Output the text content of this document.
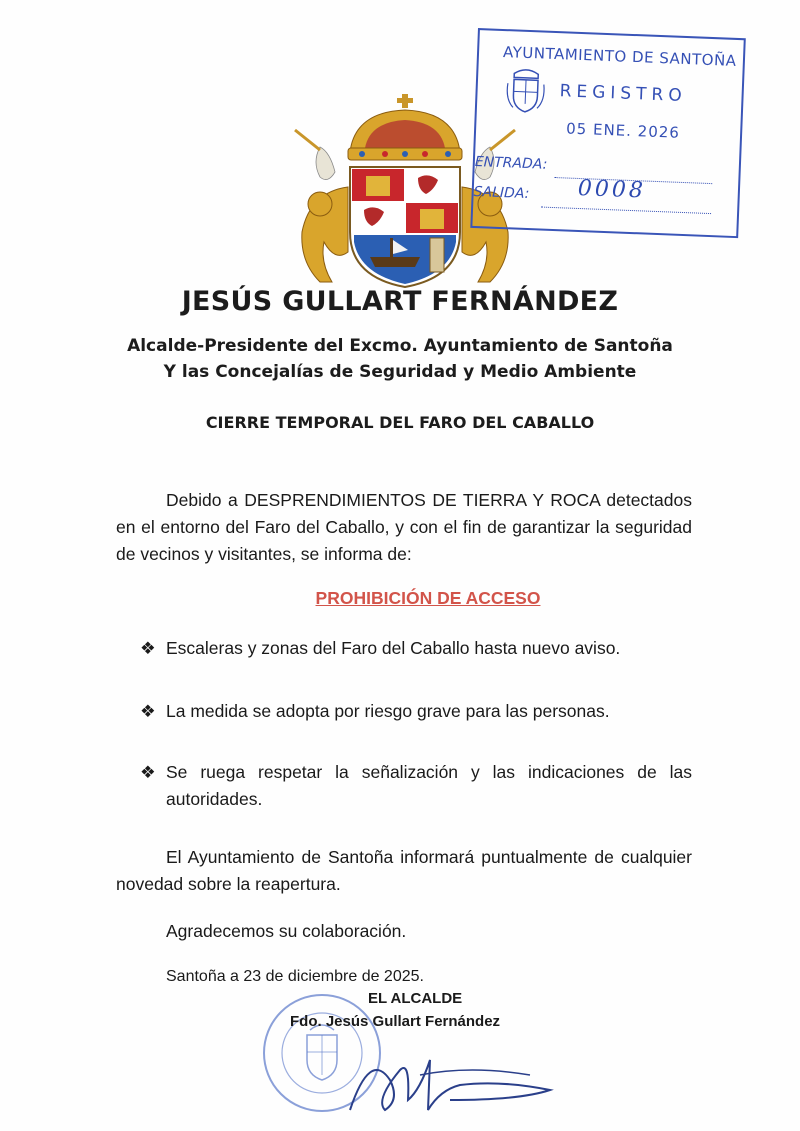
AYUNTAMIENTO DE SANTOÑA
REGISTRO
05 ENE. 2026
ENTRADA:
SALIDA: 0008
JESÚS GULLART FERNÁNDEZ
Alcalde-Presidente del Excmo. Ayuntamiento de Santoña
Y las Concejalías de Seguridad y Medio Ambiente
CIERRE TEMPORAL DEL FARO DEL CABALLO
Debido a DESPRENDIMIENTOS DE TIERRA Y ROCA detectados en el entorno del Faro del Caballo, y con el fin de garantizar la seguridad de vecinos y visitantes, se informa de:
PROHIBICIÓN DE ACCESO
❖ Escaleras y zonas del Faro del Caballo hasta nuevo aviso.
❖ La medida se adopta por riesgo grave para las personas.
❖ Se ruega respetar la señalización y las indicaciones de las autoridades.
El Ayuntamiento de Santoña informará puntualmente de cualquier novedad sobre la reapertura.
Agradecemos su colaboración.
Santoña a 23 de diciembre de 2025.
EL ALCALDE
Fdo. Jesús Gullart Fernández
